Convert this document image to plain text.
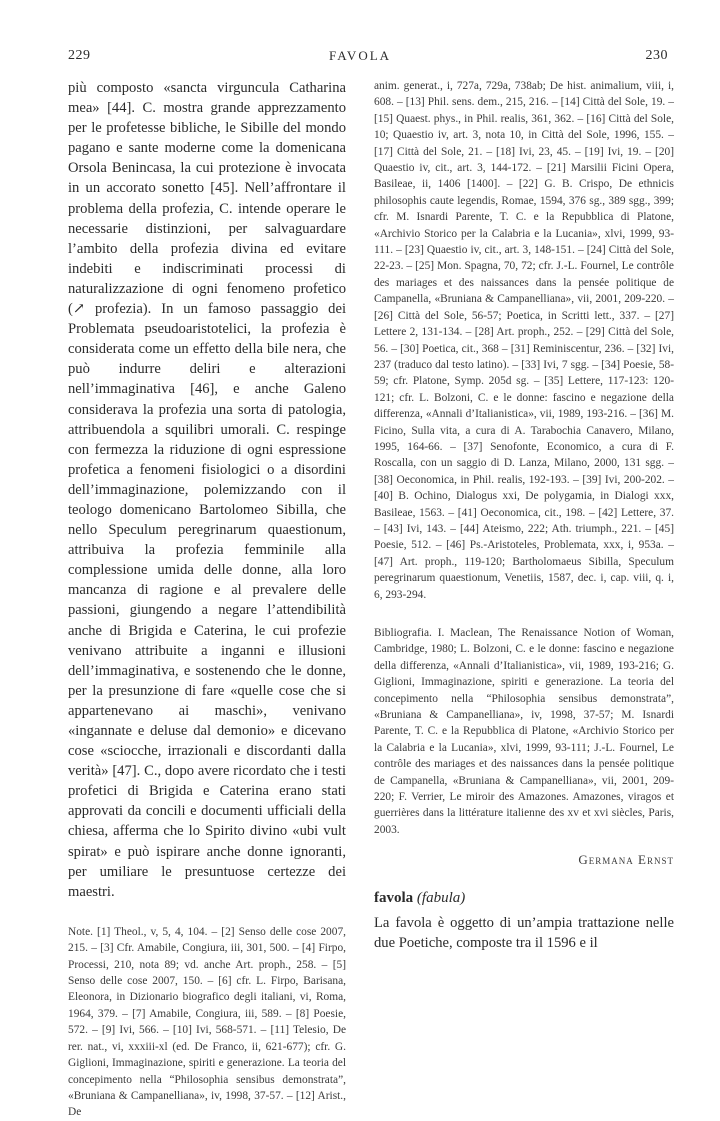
229	FAVOLA	230

più composto «sancta virguncula Catharina mea» [44]. C. mostra grande apprezzamento per le profetesse bibliche, le Sibille del mondo pagano e sante moderne come la domenicana Orsola Benincasa, la cui protezione è invocata in un accorato sonetto [45]. Nell’affrontare il problema della profezia, C. intende operare le necessarie distinzioni, per salvaguardare l’ambito della profezia divina ed evitare indebiti e indiscriminati processi di naturalizzazione di ogni fenomeno profetico (↗ profezia). In un famoso passaggio dei Problemata pseudoaristotelici, la profezia è considerata come un effetto della bile nera, che può indurre deliri e alterazioni nell’immaginativa [46], e anche Galeno considerava la profezia una sorta di patologia, attribuendola a squilibri umorali. C. respinge con fermezza la riduzione di ogni espressione profetica a fenomeni fisiologici o a disordini dell’immaginazione, polemizzando con il teologo domenicano Bartolomeo Sibilla, che nello Speculum peregrinarum quaestionum, attribuiva la profezia femminile alla complessione umida delle donne, alla loro mancanza di ragione e al prevalere delle passioni, giungendo a negare l’attendibilità anche di Brigida e Caterina, le cui profezie venivano attribuite a inganni e illusioni dell’immaginativa, e sostenendo che le donne, per la presunzione di fare «quelle cose che si appartenevano ai maschi», venivano «ingannate e deluse dal demonio» e dicevano cose «sciocche, irrazionali e discordanti dalla verità» [47]. C., dopo avere ricordato che i testi profetici di Brigida e Caterina erano stati approvati da concili e documenti ufficiali della chiesa, afferma che lo Spirito divino «ubi vult spirat» e può ispirare anche donne ignoranti, per umiliare le presuntuose certezze dei maestri.

Note. [1] Theol., v, 5, 4, 104. – [2] Senso delle cose 2007, 215. – [3] Cfr. Amabile, Congiura, iii, 301, 500. – [4] Firpo, Processi, 210, nota 89; vd. anche Art. proph., 258. – [5] Senso delle cose 2007, 150. – [6] cfr. L. Firpo, Barisana, Eleonora, in Dizionario biografico degli italiani, vi, Roma, 1964, 379. – [7] Amabile, Congiura, iii, 589. – [8] Poesie, 572. – [9] Ivi, 566. – [10] Ivi, 568-571. – [11] Telesio, De rer. nat., vi, xxxiii-xl (ed. De Franco, ii, 621-677); cfr. G. Giglioni, Immaginazione, spiriti e generazione. La teoria del concepimento nella “Philosophia sensibus demonstrata”, «Bruniana & Campanelliana», iv, 1998, 37-57. – [12] Arist., De

anim. generat., i, 727a, 729a, 738ab; De hist. animalium, viii, i, 608. – [13] Phil. sens. dem., 215, 216. – [14] Città del Sole, 19. – [15] Quaest. phys., in Phil. realis, 361, 362. – [16] Città del Sole, 10; Quaestio iv, art. 3, nota 10, in Città del Sole, 1996, 155. – [17] Città del Sole, 21. – [18] Ivi, 23, 45. – [19] Ivi, 19. – [20] Quaestio iv, cit., art. 3, 144-172. – [21] Marsilii Ficini Opera, Basileae, ii, 1406 [1400]. – [22] G. B. Crispo, De ethnicis philosophis caute legendis, Romae, 1594, 376 sg., 389 sgg., 399; cfr. M. Isnardi Parente, T. C. e la Repubblica di Platone, «Archivio Storico per la Calabria e la Lucania», xlvi, 1999, 93-111. – [23] Quaestio iv, cit., art. 3, 148-151. – [24] Città del Sole, 22-23. – [25] Mon. Spagna, 70, 72; cfr. J.-L. Fournel, Le contrôle des mariages et des naissances dans la pensée politique de Campanella, «Bruniana & Campanelliana», vii, 2001, 209-220. – [26] Città del Sole, 56-57; Poetica, in Scritti lett., 337. – [27] Lettere 2, 131-134. – [28] Art. proph., 252. – [29] Città del Sole, 56. – [30] Poetica, cit., 368 – [31] Reminiscentur, 236. – [32] Ivi, 237 (traduco dal testo latino). – [33] Ivi, 7 sgg. – [34] Poesie, 58-59; cfr. Platone, Symp. 205d sg. – [35] Lettere, 117-123: 120-121; cfr. L. Bolzoni, C. e le donne: fascino e negazione della differenza, «Annali d’Italianistica», vii, 1989, 193-216. – [36] M. Ficino, Sulla vita, a cura di A. Tarabochia Canavero, Milano, 1995, 164-66. – [37] Senofonte, Economico, a cura di F. Roscalla, con un saggio di D. Lanza, Milano, 2000, 131 sgg. – [38] Oeconomica, in Phil. realis, 192-193. – [39] Ivi, 200-202. – [40] B. Ochino, Dialogus xxi, De polygamia, in Dialogi xxx, Basileae, 1563. – [41] Oeconomica, cit., 198. – [42] Lettere, 37. – [43] Ivi, 143. – [44] Ateismo, 222; Ath. triumph., 221. – [45] Poesie, 512. – [46] Ps.-Aristoteles, Problemata, xxx, i, 953a. – [47] Art. proph., 119-120; Bartholomaeus Sibilla, Speculum peregrinarum quaestionum, Venetiis, 1587, dec. i, cap. viii, q. i, 6, 293-294.

Bibliografia. I. Maclean, The Renaissance Notion of Woman, Cambridge, 1980; L. Bolzoni, C. e le donne: fascino e negazione della differenza, «Annali d’Italianistica», vii, 1989, 193-216; G. Giglioni, Immaginazione, spiriti e generazione. La teoria del concepimento nella “Philosophia sensibus demonstrata”, «Bruniana & Campanelliana», iv, 1998, 37-57; M. Isnardi Parente, T. C. e la Repubblica di Platone, «Archivio Storico per la Calabria e la Lucania», xlvi, 1999, 93-111; J.-L. Fournel, Le contrôle des mariages et des naissances dans la pensée politique de Campanella, «Bruniana & Campanelliana», vii, 2001, 209-220; F. Verrier, Le miroir des Amazones. Amazones, viragos et guerrières dans la littérature italienne des xv et xvi siècles, Paris, 2003.

Germana Ernst
favola (fabula)

La favola è oggetto di un’ampia trattazione nelle due Poetiche, composte tra il 1596 e il
